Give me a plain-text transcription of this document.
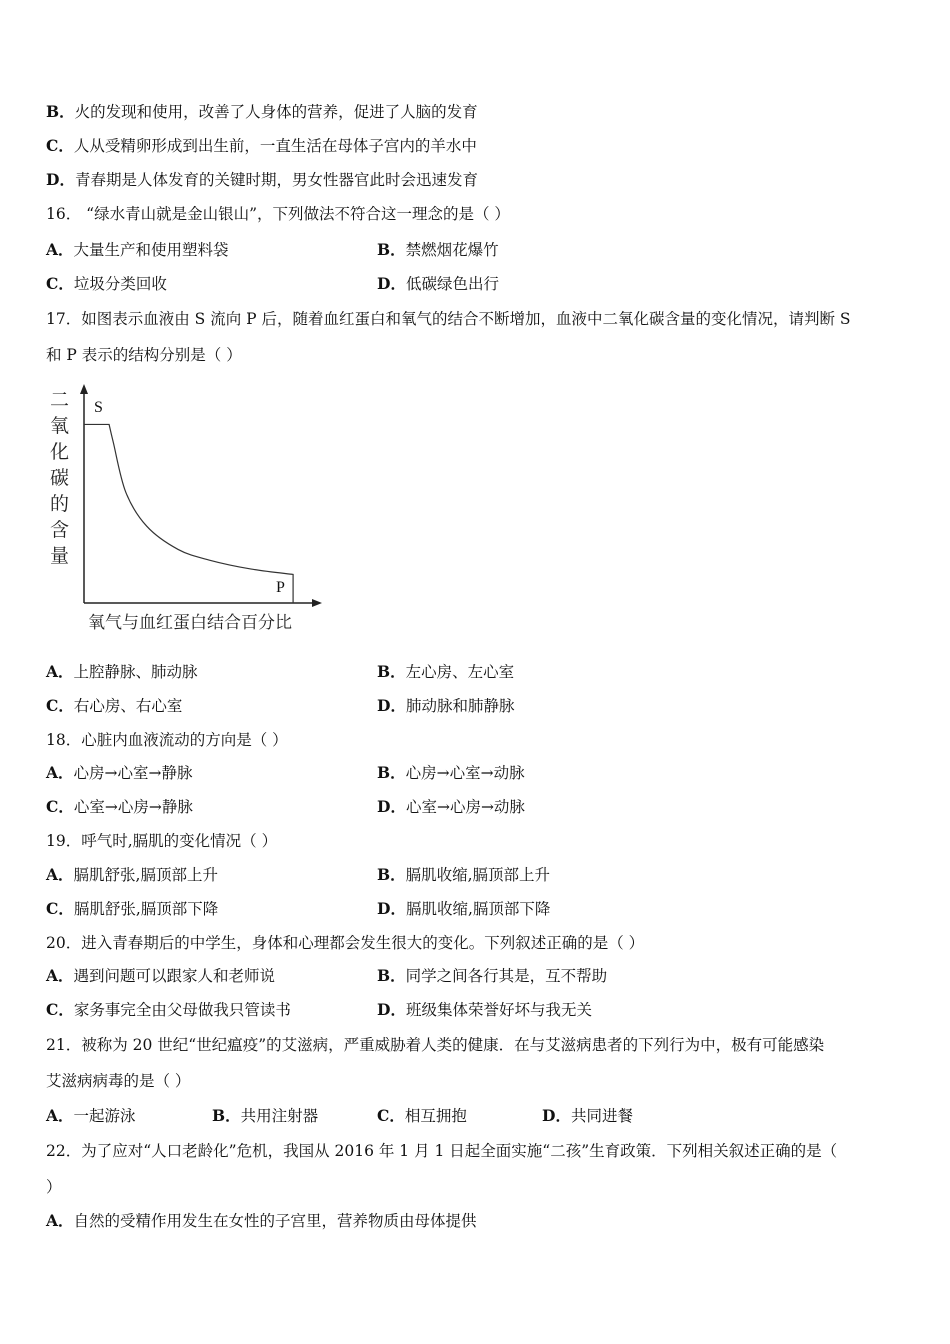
B．火的发现和使用，改善了人身体的营养，促进了人脑的发育
C．人从受精卵形成到出生前，一直生活在母体子宫内的羊水中
D．青春期是人体发育的关键时期，男女性器官此时会迅速发育
16． “绿水青山就是金山银山”，下列做法不符合这一理念的是（ ）
A．大量生产和使用塑料袋	B．禁燃烟花爆竹
C．垃圾分类回收	D．低碳绿色出行
17．如图表示血液由 S 流向 P 后，随着血红蛋白和氧气的结合不断增加，血液中二氧化碳含量的变化情况，请判断 S
和 P 表示的结构分别是（ ）
二
氧
化
碳
的
含
量
S
P
氧气与血红蛋白结合百分比
A．上腔静脉、肺动脉	B．左心房、左心室
C．右心房、右心室	D．肺动脉和肺静脉
18．心脏内血液流动的方向是（ ）
A．心房→心室→静脉	B．心房→心室→动脉
C．心室→心房→静脉	D．心室→心房→动脉
19．呼气时,膈肌的变化情况（ ）
A．膈肌舒张,膈顶部上升	B．膈肌收缩,膈顶部上升
C．膈肌舒张,膈顶部下降	D．膈肌收缩,膈顶部下降
20．进入青春期后的中学生，身体和心理都会发生很大的变化。下列叙述正确的是（ ）
A．遇到问题可以跟家人和老师说	B．同学之间各行其是，互不帮助
C．家务事完全由父母做我只管读书	D．班级集体荣誉好坏与我无关
21．被称为 20 世纪“世纪瘟疫”的艾滋病，严重威胁着人类的健康．在与艾滋病患者的下列行为中，极有可能感染
艾滋病病毒的是（ ）
A．一起游泳	B．共用注射器	C．相互拥抱	D．共同进餐
22．为了应对“人口老龄化”危机，我国从 2016 年 1 月 1 日起全面实施“二孩”生育政策．下列相关叙述正确的是（
）
A．自然的受精作用发生在女性的子宫里，营养物质由母体提供
